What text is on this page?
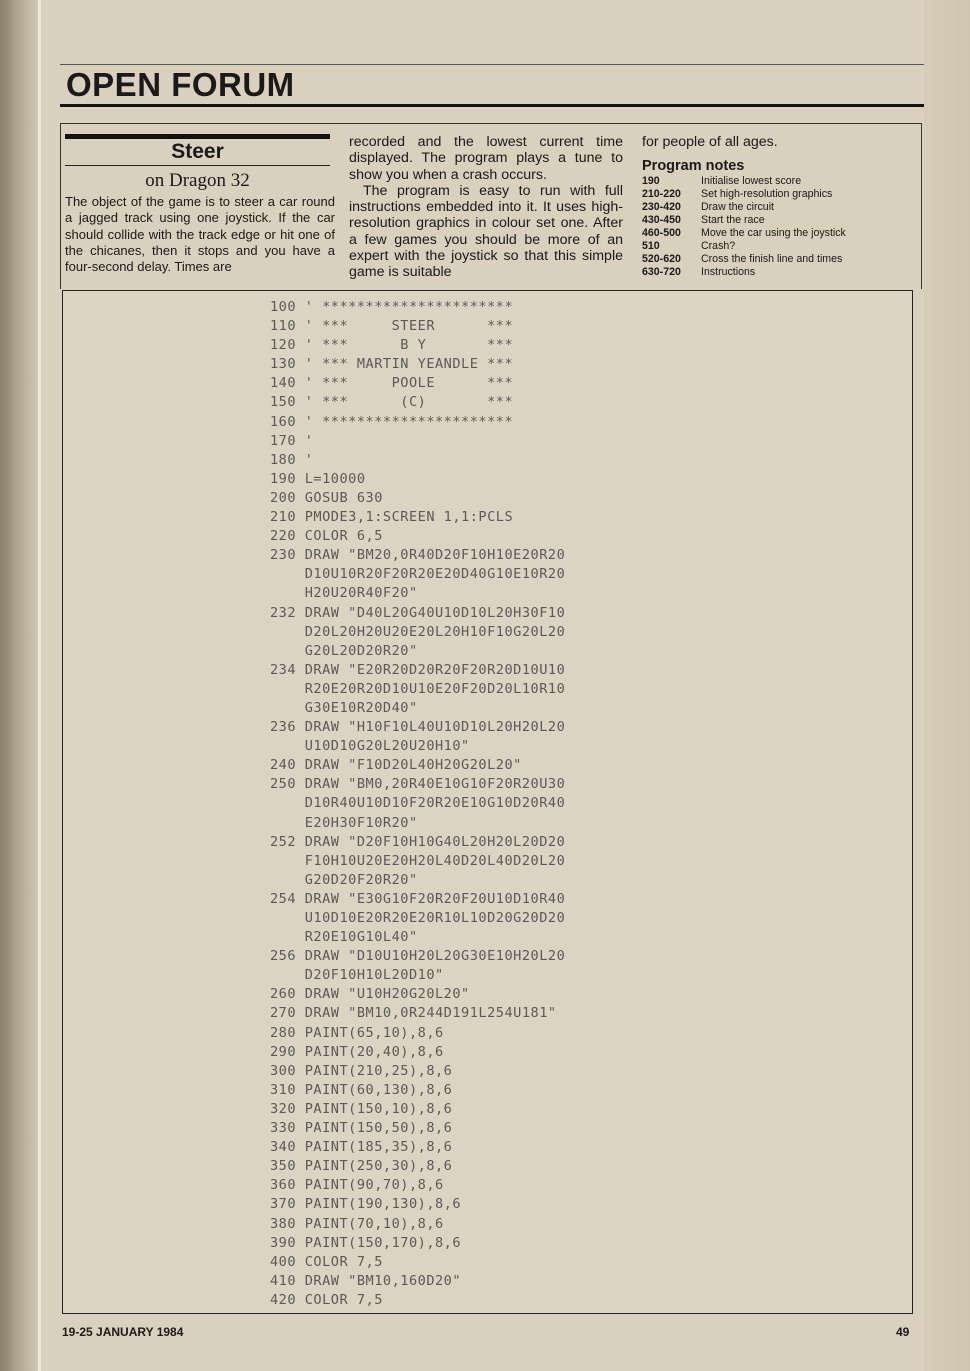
OPEN FORUM
Steer
on Dragon 32
The object of the game is to steer a car round a jagged track using one joystick. If the car should collide with the track edge or hit one of the chicanes, then it stops and you have a four-second delay. Times are

recorded and the lowest current time displayed. The program plays a tune to show you when a crash occurs.

The program is easy to run with full instructions embedded into it. It uses high-resolution graphics in colour set one. After a few games you should be more of an expert with the joystick so that this simple game is suitable

for people of all ages.
Program notes
190	Initialise lowest score
210-220	Set high-resolution graphics
230-420	Draw the circuit
430-450	Start the race
460-500	Move the car using the joystick
510	Crash?
520-620	Cross the finish line and times
630-720	Instructions
100 ' **********************
110 ' ***     STEER      ***
120 ' ***      B Y       ***
130 ' *** MARTIN YEANDLE ***
140 ' ***     POOLE      ***
150 ' ***      (C)       ***
160 ' **********************
170 '
180 '
190 L=10000
200 GOSUB 630
210 PMODE3,1:SCREEN 1,1:PCLS
220 COLOR 6,5
230 DRAW "BM20,0R40D20F10H10E20R20
D10U10R20F20R20E20D40G10E10R20
H20U20R40F20"
232 DRAW "D40L20G40U10D10L20H30F10
D20L20H20U20E20L20H10F10G20L20
G20L20D20R20"
234 DRAW "E20R20D20R20F20R20D10U10
R20E20R20D10U10E20F20D20L10R10
G30E10R20D40"
236 DRAW "H10F10L40U10D10L20H20L20
U10D10G20L20U20H10"
240 DRAW "F10D20L40H20G20L20"
250 DRAW "BM0,20R40E10G10F20R20U30
D10R40U10D10F20R20E10G10D20R40
E20H30F10R20"
252 DRAW "D20F10H10G40L20H20L20D20
F10H10U20E20H20L40D20L40D20L20
G20D20F20R20"
254 DRAW "E30G10F20R20F20U10D10R40
U10D10E20R20E20R10L10D20G20D20
R20E10G10L40"
256 DRAW "D10U10H20L20G30E10H20L20
D20F10H10L20D10"
260 DRAW "U10H20G20L20"
270 DRAW "BM10,0R244D191L254U181"
280 PAINT(65,10),8,6
290 PAINT(20,40),8,6
300 PAINT(210,25),8,6
310 PAINT(60,130),8,6
320 PAINT(150,10),8,6
330 PAINT(150,50),8,6
340 PAINT(185,35),8,6
350 PAINT(250,30),8,6
360 PAINT(90,70),8,6
370 PAINT(190,130),8,6
380 PAINT(70,10),8,6
390 PAINT(150,170),8,6
400 COLOR 7,5
410 DRAW "BM10,160D20"
420 COLOR 7,5
19-25 JANUARY 1984	49
